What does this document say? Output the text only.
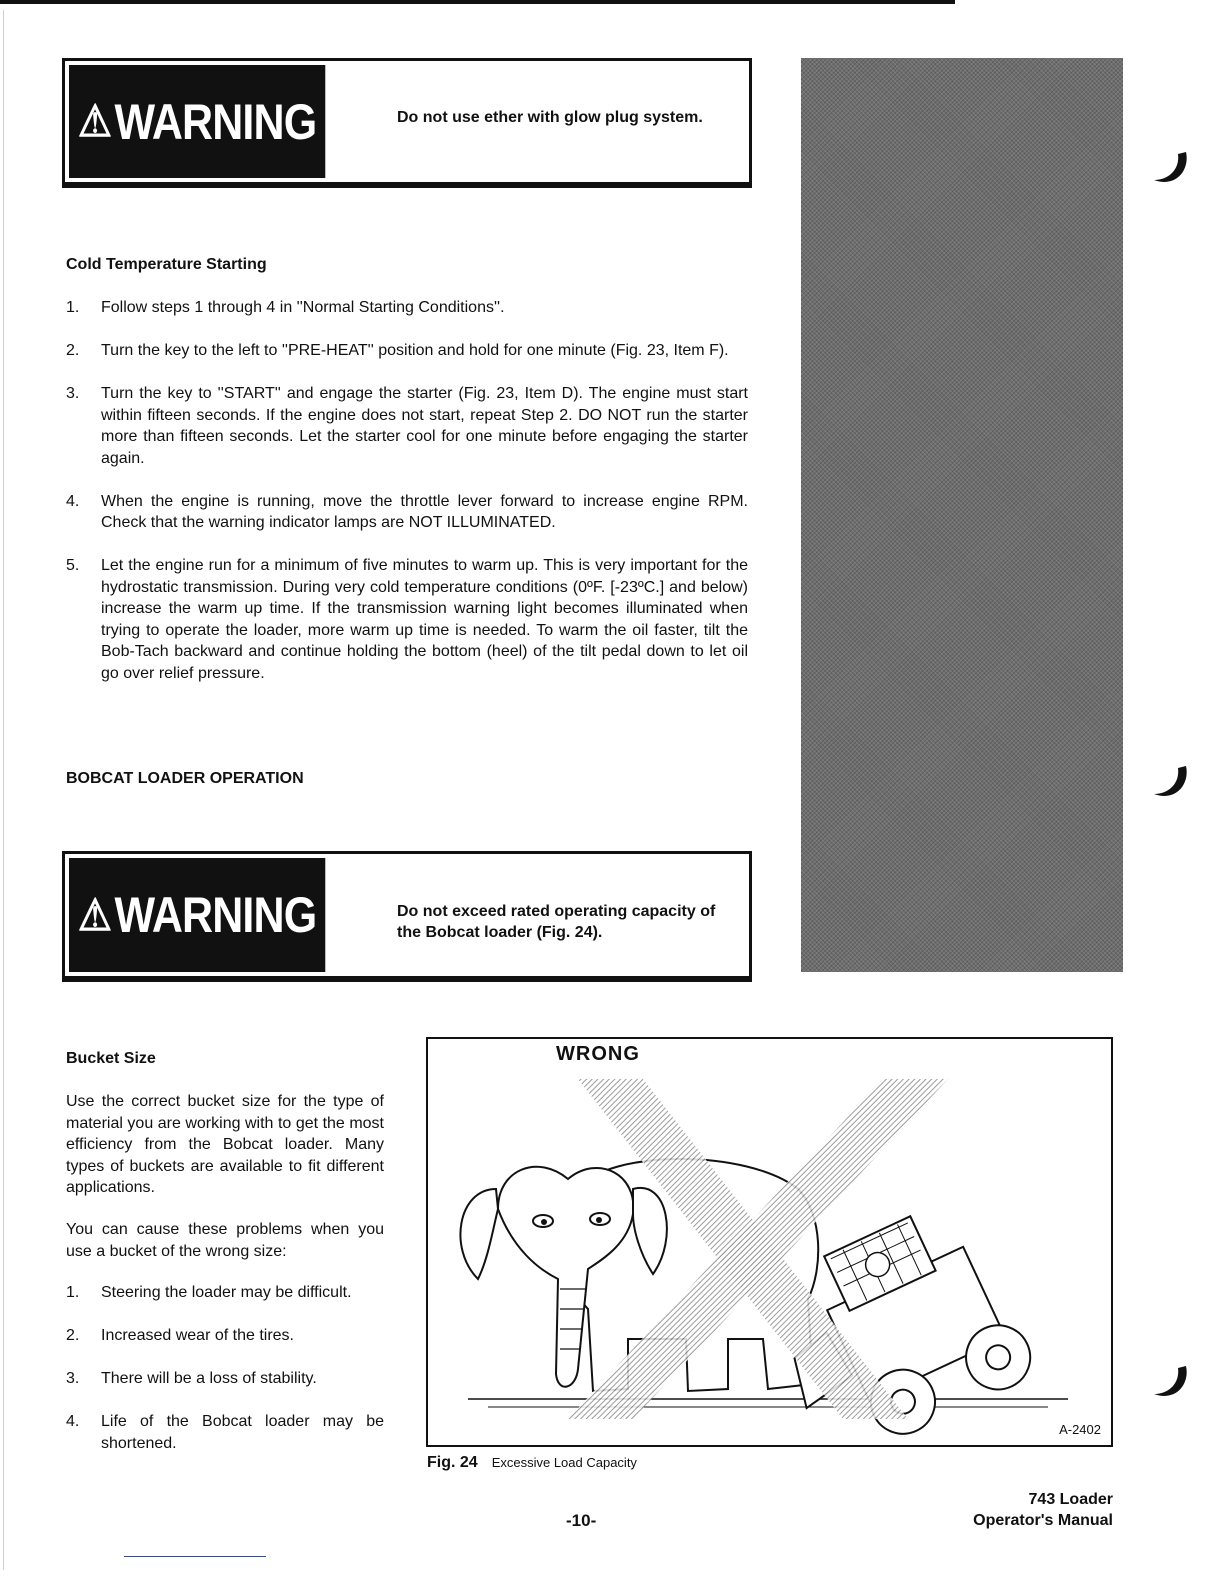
⚠ WARNING	Do not use ether with glow plug system.
Cold Temperature Starting
1. Follow steps 1 through 4 in ''Normal Starting Conditions''.
2. Turn the key to the left to ''PRE-HEAT'' position and hold for one minute (Fig. 23, Item F).
3. Turn the key to ''START'' and engage the starter (Fig. 23, Item D). The engine must start within fifteen seconds. If the engine does not start, repeat Step 2. DO NOT run the starter more than fifteen seconds. Let the starter cool for one minute before engaging the starter again.
4. When the engine is running, move the throttle lever forward to increase engine RPM. Check that the warning indicator lamps are NOT ILLUMINATED.
5. Let the engine run for a minimum of five minutes to warm up. This is very important for the hydrostatic transmission. During very cold temperature conditions (0ºF. [-23ºC.] and below) increase the warm up time. If the transmission warning light becomes illuminated when trying to operate the loader, more warm up time is needed. To warm the oil faster, tilt the Bob-Tach backward and continue holding the bottom (heel) of the tilt pedal down to let oil go over relief pressure.
BOBCAT LOADER OPERATION
⚠ WARNING	Do not exceed rated operating capacity of the Bobcat loader (Fig. 24).
Bucket Size

Use the correct bucket size for the type of material you are working with to get the most efficiency from the Bobcat loader. Many types of buckets are available to fit different applications.

You can cause these problems when you use a bucket of the wrong size:

1. Steering the loader may be difficult.
2. Increased wear of the tires.
3. There will be a loss of stability.
4. Life of the Bobcat loader may be shortened.
WRONG
A-2402
Fig. 24 Excessive Load Capacity
-10-
743 Loader
Operator's Manual
